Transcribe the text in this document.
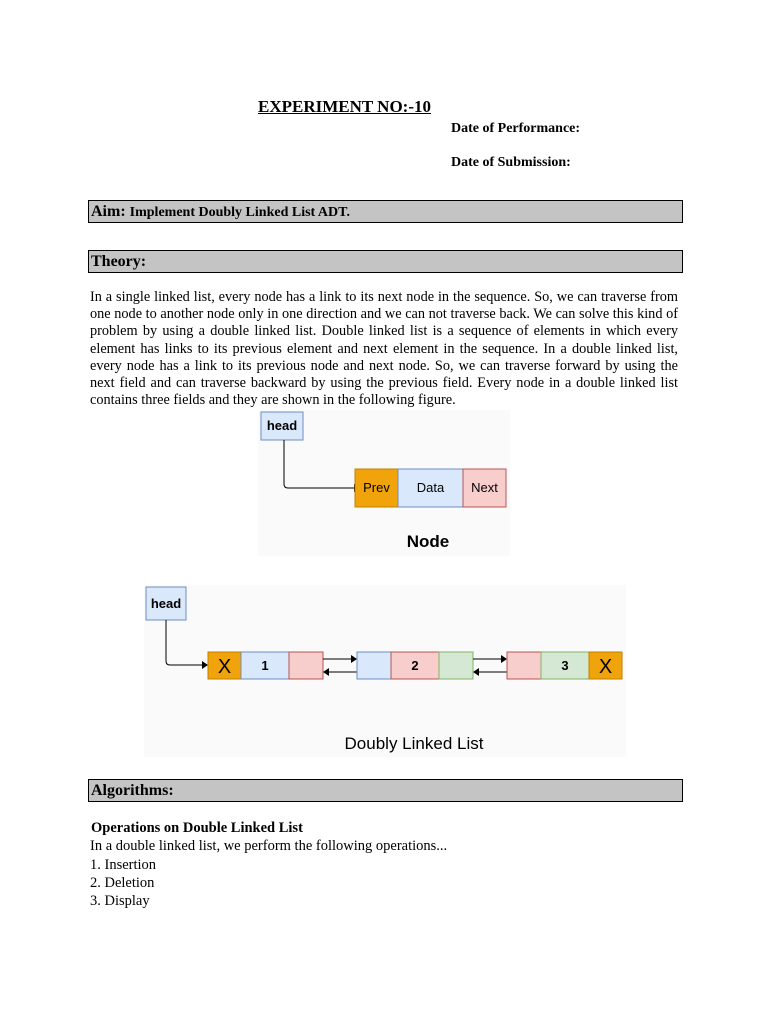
EXPERIMENT NO:-10
Date of Performance:
Date of Submission:
Aim: Implement Doubly Linked List ADT.
Theory:
In a single linked list, every node has a link to its next node in the sequence. So, we can traverse from one node to another node only in one direction and we can not traverse back. We can solve this kind of problem by using a double linked list. Double linked list is a sequence of elements in which every element has links to its previous element and next element in the sequence. In a double linked list, every node has a link to its previous node and next node. So, we can traverse forward by using the next field and can traverse backward by using the previous field. Every node in a double linked list contains three fields and they are shown in the following figure.
head
Prev Data Next
Node
head
X 1	2	3 X
Doubly Linked List
Algorithms:
Operations on Double Linked List
In a double linked list, we perform the following operations...
1. Insertion
2. Deletion
3. Display
